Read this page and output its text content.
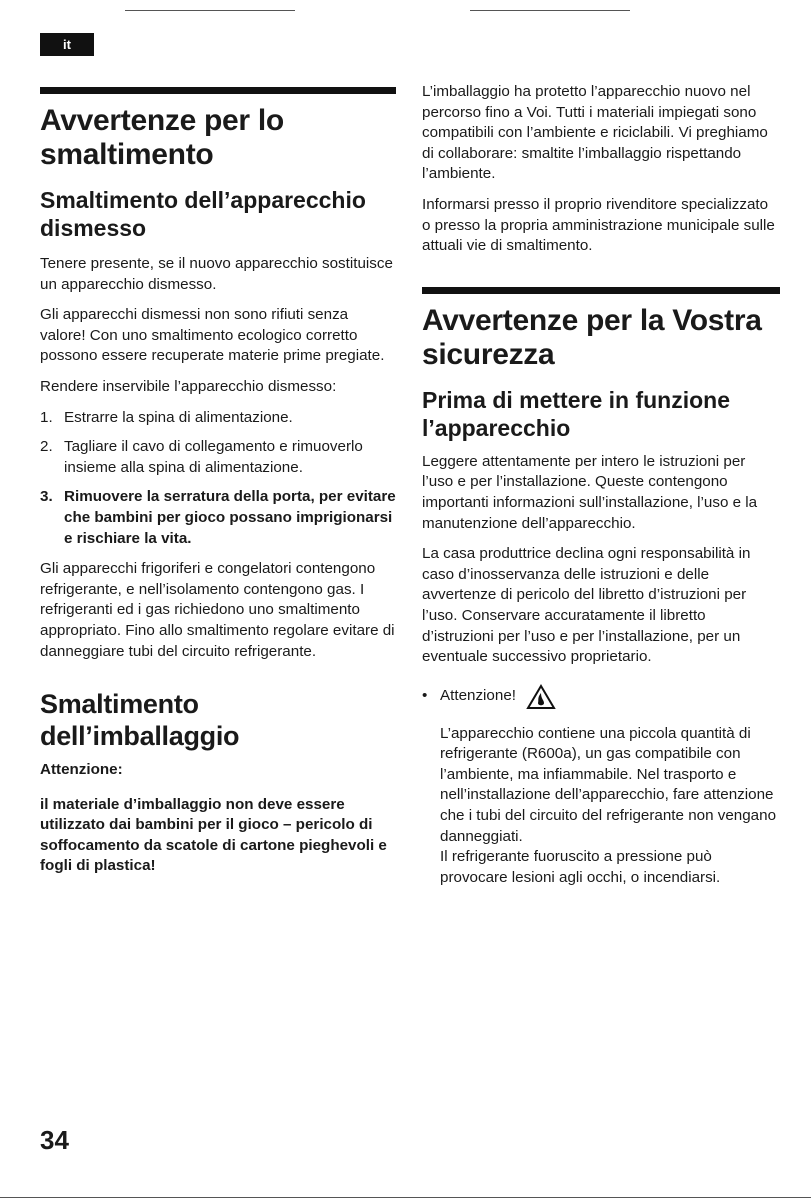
it
Avvertenze per lo smaltimento
Smaltimento dell’apparecchio dismesso

Tenere presente, se il nuovo apparecchio sostituisce un apparecchio dismesso.

Gli apparecchi dismessi non sono rifiuti senza valore! Con uno smaltimento ecologico corretto possono essere recuperate materie prime pregiate.

Rendere inservibile l’apparecchio dismesso:

1. Estrarre la spina di alimentazione.
2. Tagliare il cavo di collegamento e rimuoverlo insieme alla spina di alimentazione.
3. Rimuovere la serratura della porta, per evitare che bambini per gioco possano imprigionarsi e rischiare la vita.

Gli apparecchi frigoriferi e congelatori contengono refrigerante, e nell’isolamento contengono gas. I refrigeranti ed i gas richiedono uno smaltimento appropriato. Fino allo smaltimento regolare evitare di danneggiare tubi del circuito refrigerante.

Smaltimento dell’imballaggio

Attenzione:

il materiale d’imballaggio non deve essere utilizzato dai bambini per il gioco – pericolo di soffocamento da scatole di cartone pieghevoli e fogli di plastica!

L’imballaggio ha protetto l’apparecchio nuovo nel percorso fino a Voi. Tutti i materiali impiegati sono compatibili con l’ambiente e riciclabili. Vi preghiamo di collaborare: smaltite l’imballaggio rispettando l’ambiente.

Informarsi presso il proprio rivenditore specializzato o presso la propria amministrazione municipale sulle attuali vie di smaltimento.

Avvertenze per la Vostra sicurezza
Prima di mettere in funzione l’apparecchio

Leggere attentamente per intero le istruzioni per l’uso e per l’installazione. Queste contengono importanti informazioni sull’installazione, l’uso e la manutenzione dell’apparecchio.

La casa produttrice declina ogni responsabilità in caso d’inosservanza delle istruzioni e delle avvertenze di pericolo del libretto d’istruzioni per l’uso. Conservare accuratamente il libretto d’istruzioni per l’uso e per l’installazione, per un eventuale successivo proprietario.

• Attenzione!

L’apparecchio contiene una piccola quantità di refrigerante (R600a), un gas compatibile con l’ambiente, ma infiammabile. Nel trasporto e nell’installazione dell’apparecchio, fare attenzione che i tubi del circuito del refrigerante non vengano danneggiati.

Il refrigerante fuoruscito a pressione può provocare lesioni agli occhi, o incendiarsi.

34
